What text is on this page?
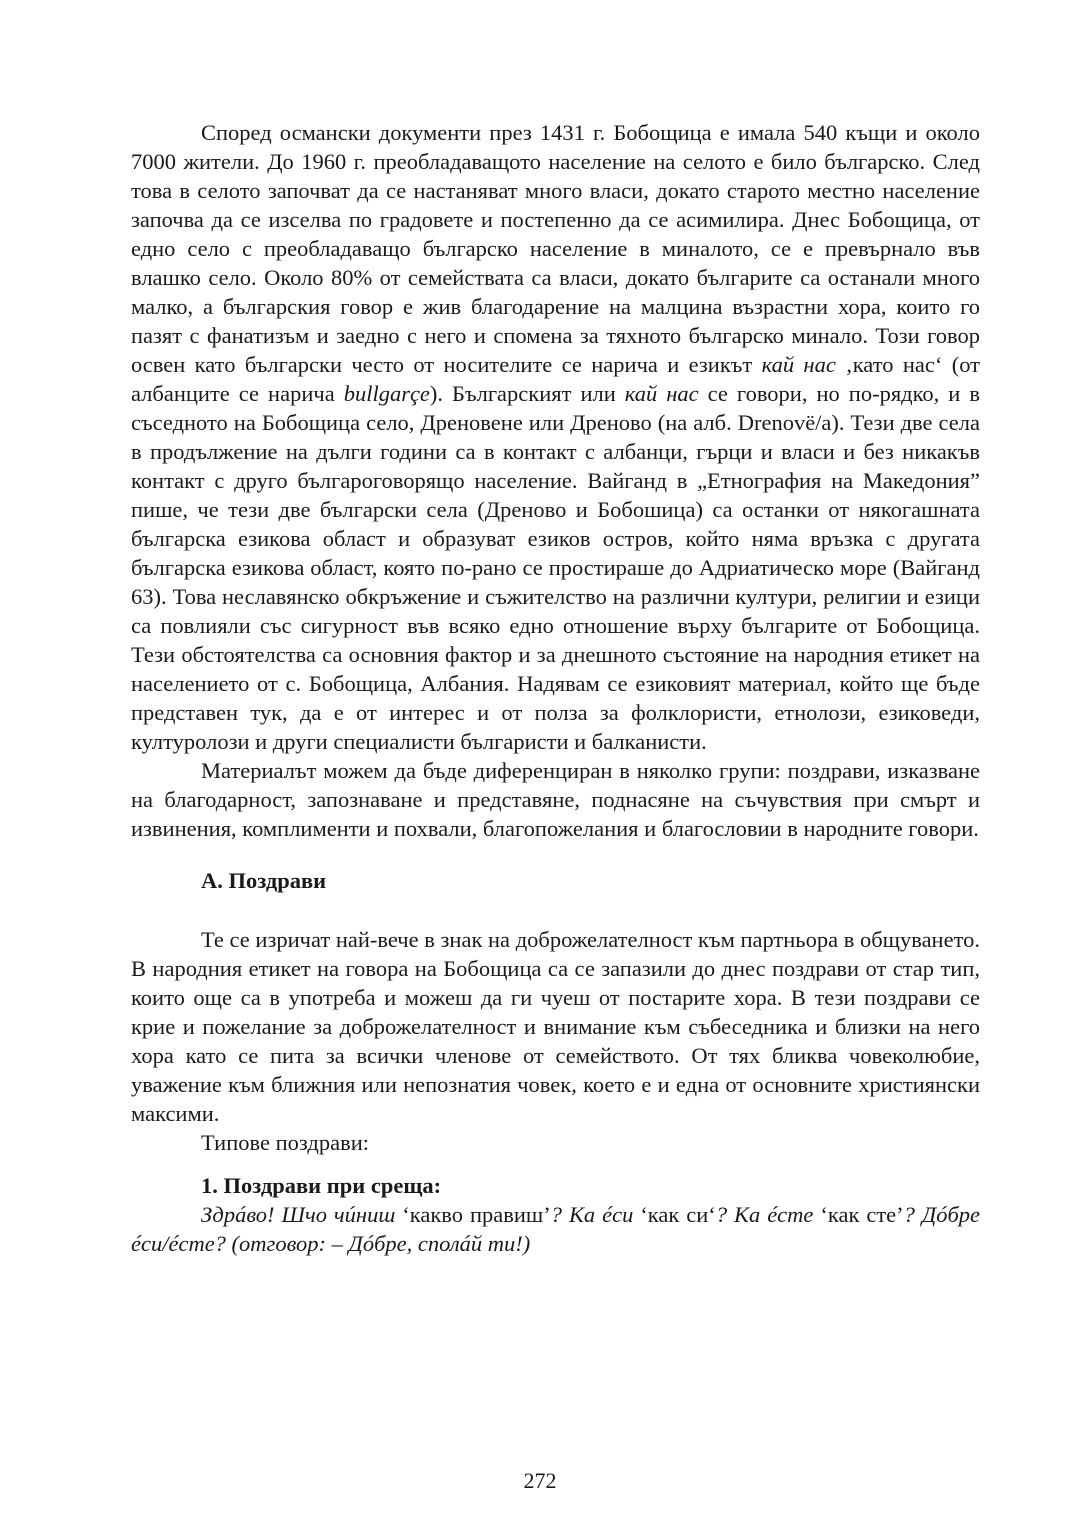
Според османски документи през 1431 г. Бобощица е имала 540 къщи и около 7000 жители. До 1960 г. преобладаващото население на селото е било българско. След това в селото започват да се настаняват много власи, докато старото местно население започва да се изселва по градовете и постепенно да се асимилира. Днес Бобощица, от едно село с преобладаващо българско население в миналото, се е превърнало във влашко село. Около 80% от семействата са власи, докато българите са останали много малко, а българския говор е жив благодарение на малцина възрастни хора, които го пазят с фанатизъм и заедно с него и спомена за тяхното българско минало. Този говор освен като български често от носителите се нарича и езикът кай нас ‚като нас‘ (от албанците се нарича bullgarçe). Българският или кай нас се говори, но по-рядко, и в съседното на Бобощица село, Дреновене или Дреново (на алб. Drenovë/a). Тези две села в продължение на дълги години са в контакт с албанци, гърци и власи и без никакъв контакт с друго българоговорящо население. Вайганд в „Етнография на Македония” пише, че тези две български села (Дреново и Бобошица) са останки от някогашната българска езикова област и образуват езиков остров, който няма връзка с другата българска езикова област, която по-рано се простираше до Адриатическо море (Вайганд 63). Това неславянско обкръжение и съжителство на различни култури, религии и езици са повлияли със сигурност във всяко едно отношение върху българите от Бобощица. Тези обстоятелства са основния фактор и за днешното състояние на народния етикет на населението от с. Бобощица, Албания. Надявам се езиковият материал, който ще бъде представен тук, да е от интерес и от полза за фолклористи, етнолози, езиковеди, културолози и други специалисти българисти и балканисти.

Материалът можем да бъде диференциран в няколко групи: поздрави, изказване на благодарност, запознаване и представяне, поднасяне на съчувствия при смърт и извинения, комплименти и похвали, благопожелания и благословии в народните говори.

А. Поздрави

Те се изричат най-вече в знак на доброжелателност към партньора в общуването. В народния етикет на говора на Бобощица са се запазили до днес поздрави от стар тип, които още са в употреба и можеш да ги чуеш от постарите хора. В тези поздрави се крие и пожелание за доброжелателност и внимание към събеседника и близки на него хора като се пита за всички членове от семейството. От тях бликва човеколюбие, уважение към ближния или непознатия човек, което е и една от основните християнски максими.

Типове поздрави:

1. Поздрави при среща:

Здрáво! Шчо чúниш ‘какво правиш’? Ка éси ‘как си‘? Ка éсте ‘как сте’? Дóбре éси/éсте? (отговор: – Дóбре, сполáй ти!)

272
